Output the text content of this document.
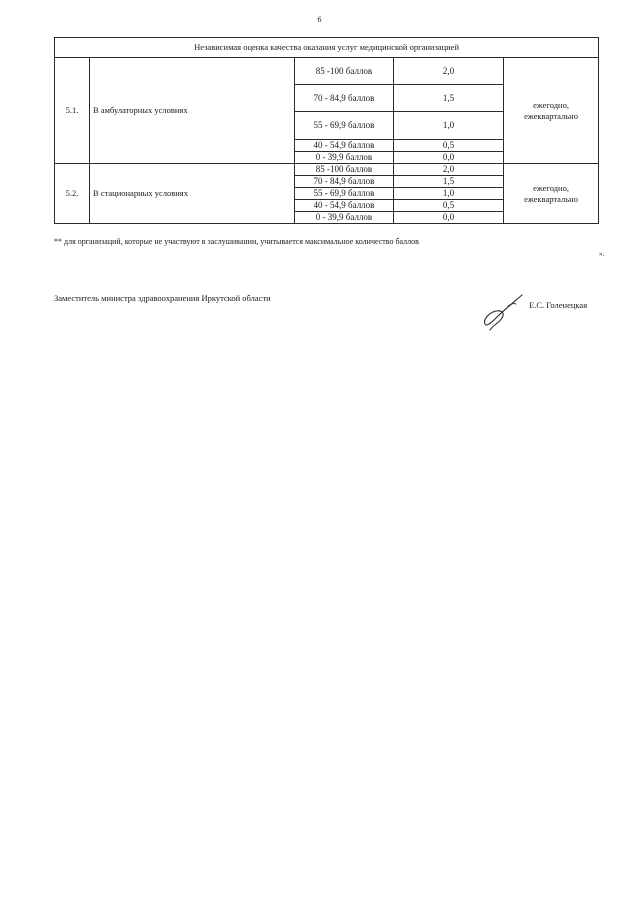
6
Независимая оценка качества оказания услуг медицинской организацией				
5.1.	В амбулаторных условиях	85 -100 баллов	2,0	ежегодно, ежеквартально
		70 - 84,9 баллов	1,5	
		55 - 69,9 баллов	1,0	
		40 - 54,9 баллов	0,5	
		0 - 39,9 баллов	0,0	
5.2.	В стационарных условиях	85 -100 баллов	2,0	ежегодно, ежеквартально
		70 - 84,9 баллов	1,5	
		55 - 69,9 баллов	1,0	
		40 - 54,9 баллов	0,5	
		0 - 39,9 баллов	0,0	
** для организаций, которые не участвуют в заслушивании, учитывается максимальное количество баллов
».
Заместитель министра здравоохранения Иркутской области
Е.С. Голенецкая
